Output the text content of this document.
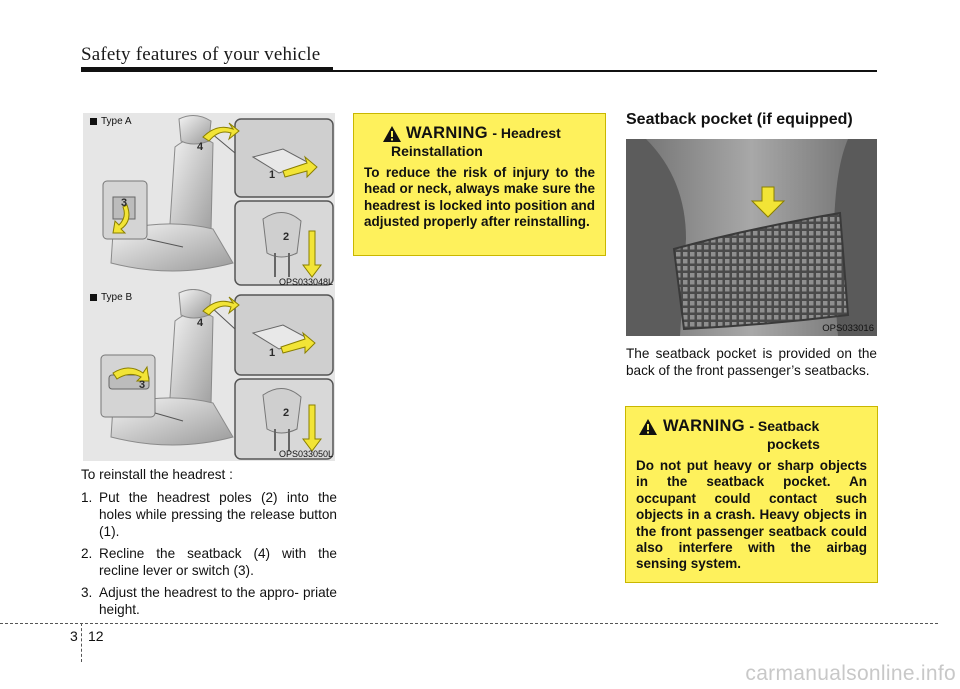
Safety features of your vehicle
Type A
4
1
3
2
OPS033048L
Type B
4
1
3
2
OPS033050L

To reinstall the headrest :

1. Put the headrest poles (2) into the holes while pressing the release button (1).
2. Recline the seatback (4) with the recline lever or switch (3).
3. Adjust the headrest to the appro- priate height.
WARNING - Headrest
Reinstallation
To reduce the risk of injury to the head or neck, always make sure the headrest is locked into position and adjusted properly after reinstalling.
Seatback pocket (if equipped)
OPS033016
The seatback pocket is provided on the back of the front passenger’s seatbacks.
WARNING - Seatback
pockets
Do not put heavy or sharp objects in the seatback pocket. An occupant could contact such objects in a crash. Heavy objects in the front passenger seatback could also interfere with the airbag sensing system.
3 12
carmanualsonline.info
